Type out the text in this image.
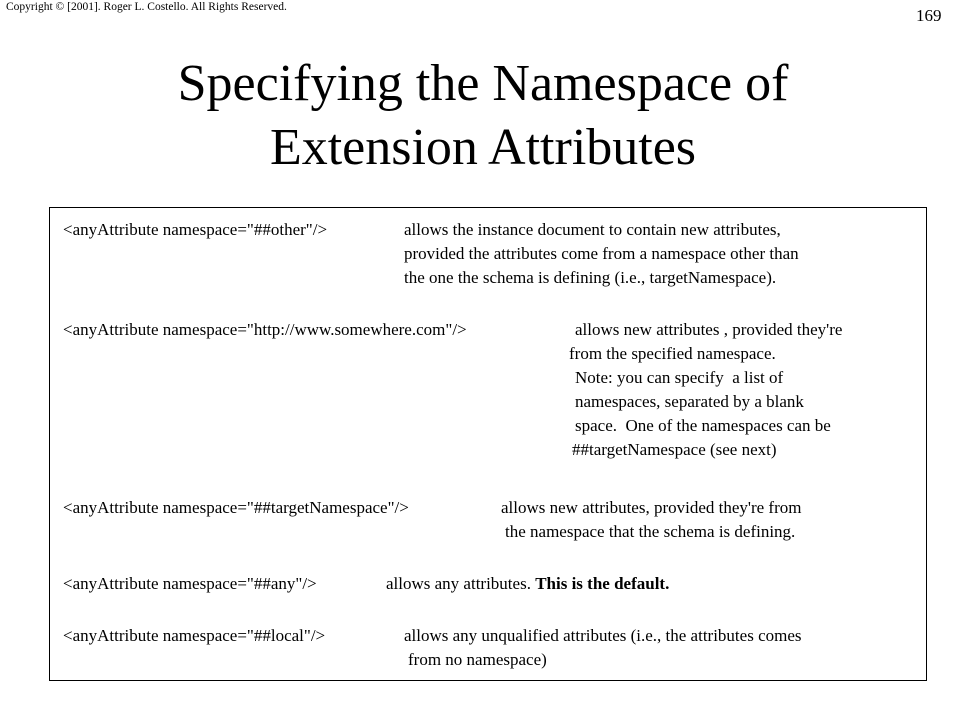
Copyright © [2001]. Roger L. Costello. All Rights Reserved.	169
Specifying the Namespace of
Extension Attributes
<anyAttribute namespace="##other"/>	allows the instance document to contain new attributes,
provided the attributes come from a namespace other than
the one the schema is defining (i.e., targetNamespace).
<anyAttribute namespace="http://www.somewhere.com"/>	allows new attributes , provided they're
from the specified namespace.
Note: you can specify  a list of
namespaces, separated by a blank
space.  One of the namespaces can be
##targetNamespace (see next)
<anyAttribute namespace="##targetNamespace"/>	allows new attributes, provided they're from
the namespace that the schema is defining.
<anyAttribute namespace="##any"/>	allows any attributes. This is the default.
<anyAttribute namespace="##local"/>	allows any unqualified attributes (i.e., the attributes comes
from no namespace)
